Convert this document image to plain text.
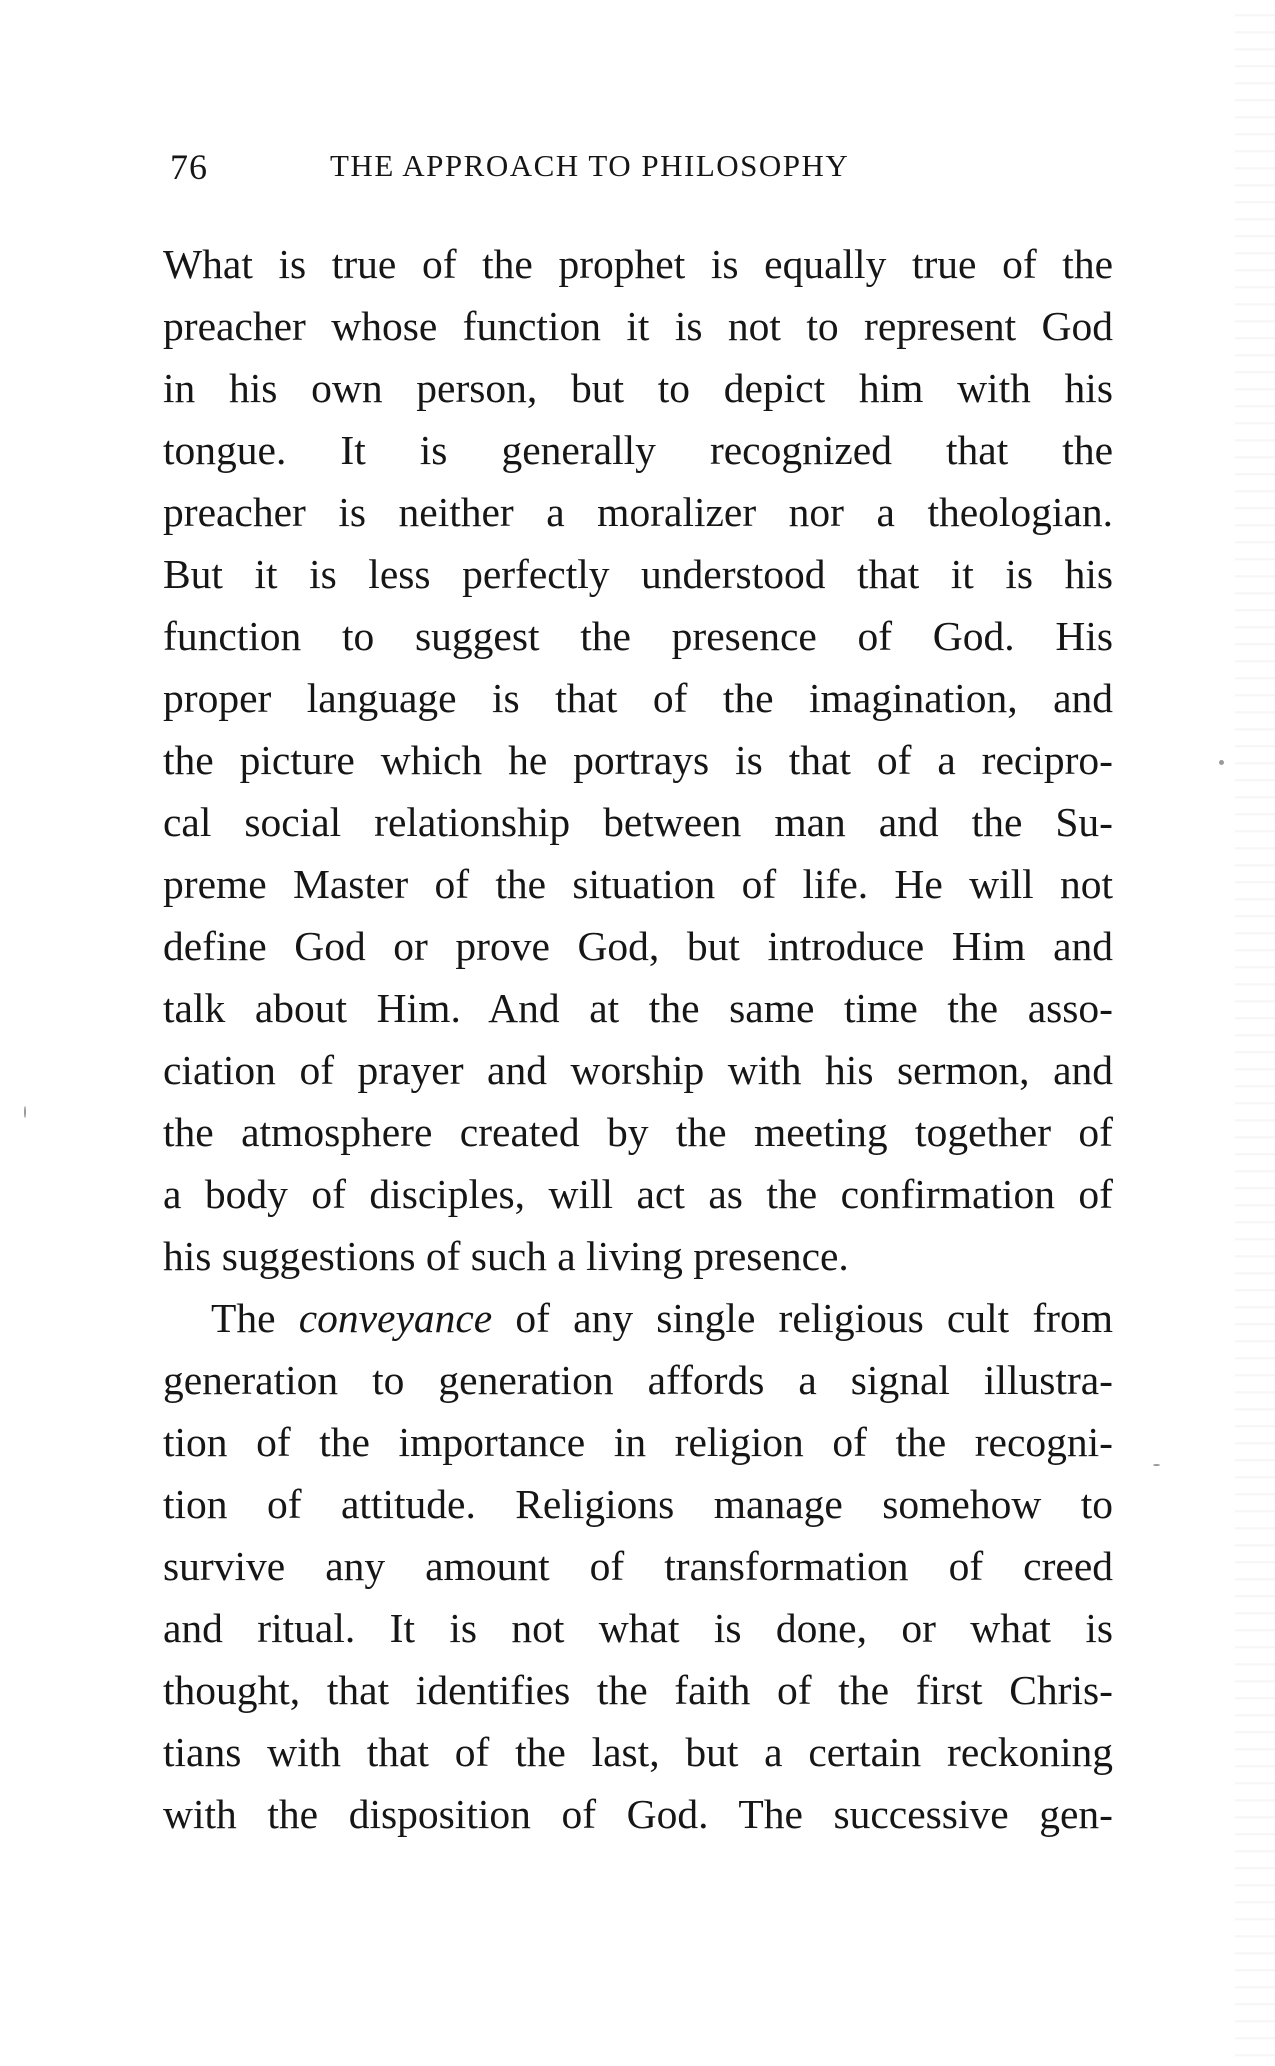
76	THE APPROACH TO PHILOSOPHY
What is true of the prophet is equally true of the
preacher whose function it is not to represent God
in his own person, but to depict him with his
tongue. It is generally recognized that the
preacher is neither a moralizer nor a theologian.
But it is less perfectly understood that it is his
function to suggest the presence of God. His
proper language is that of the imagination, and
the picture which he portrays is that of a recipro-
cal social relationship between man and the Su-
preme Master of the situation of life. He will not
define God or prove God, but introduce Him and
talk about Him. And at the same time the asso-
ciation of prayer and worship with his sermon, and
the atmosphere created by the meeting together of
a body of disciples, will act as the confirmation of
his suggestions of such a living presence.
The conveyance of any single religious cult from
generation to generation affords a signal illustra-
tion of the importance in religion of the recogni-
tion of attitude. Religions manage somehow to
survive any amount of transformation of creed
and ritual. It is not what is done, or what is
thought, that identifies the faith of the first Chris-
tians with that of the last, but a certain reckoning
with the disposition of God. The successive gen-
